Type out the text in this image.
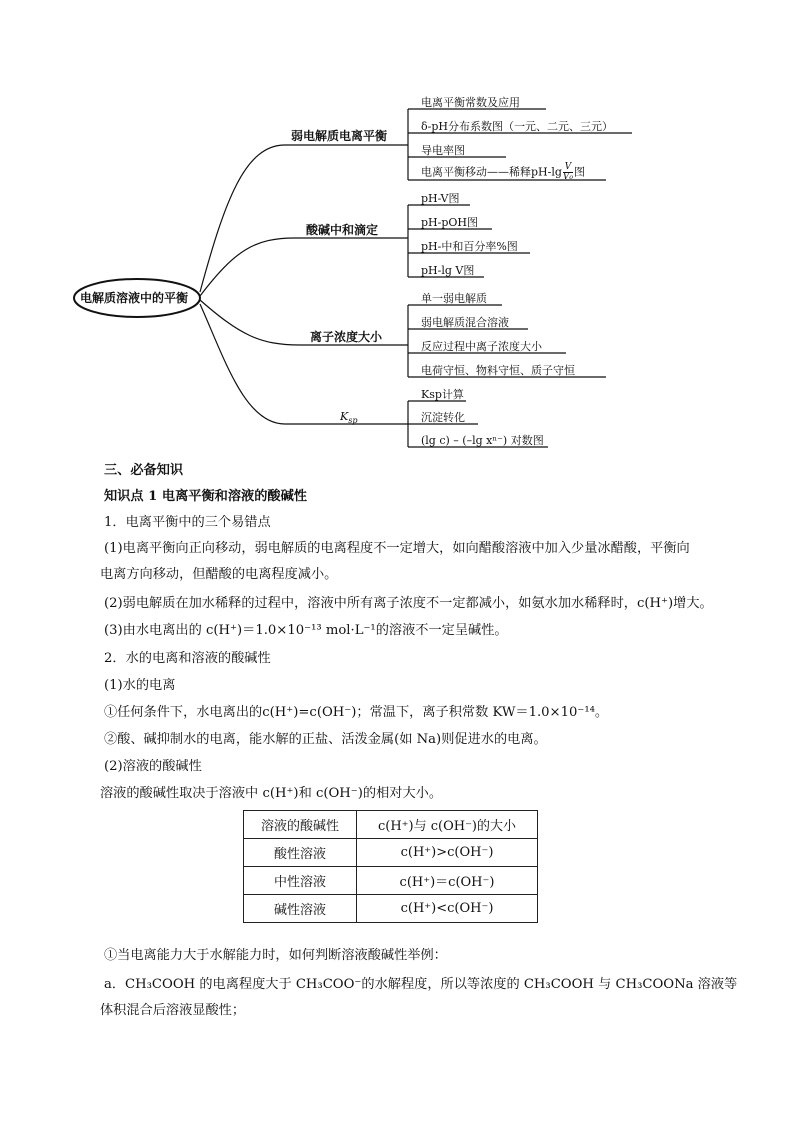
电解质溶液中的平衡
弱电解质电离平衡
酸碱中和滴定
离子浓度大小
$K_{sp}$
电离平衡常数及应用
δ-pH分布系数图（一元、二元、三元）
导电率图
电离平衡移动——稀释$pH-\lg \frac{V}{\text{V₀}}$ 图
pH-V图
pH-pOH图
pH-中和百分率%图
pH-lg V图
单一弱电解质
弱电解质混合溶液
反应过程中离子浓度大小
电荷守恒、物料守恒、质子守恒
Ksp计算
沉淀转化
(lg c) – (–lg xⁿ⁻) 对数图
三、必备知识
知识点 1 电离平衡和溶液的酸碱性
1．电离平衡中的三个易错点
(1)电离平衡向正向移动，弱电解质的电离程度不一定增大，如向醋酸溶液中加入少量冰醋酸，平衡向
电离方向移动，但醋酸的电离程度减小。
(2)弱电解质在加水稀释的过程中，溶液中所有离子浓度不一定都减小，如氨水加水稀释时，c(H⁺)增大。
(3)由水电离出的 c(H⁺)＝1.0×10⁻¹³ mol·L⁻¹的溶液不一定呈碱性。
2．水的电离和溶液的酸碱性
(1)水的电离
①任何条件下，水电离出的c(H⁺)=c(OH⁻)；常温下，离子积常数 KW＝1.0×10⁻¹⁴。
②酸、碱抑制水的电离，能水解的正盐、活泼金属(如 Na)则促进水的电离。
(2)溶液的酸碱性
溶液的酸碱性取决于溶液中 c(H⁺)和 c(OH⁻)的相对大小。
溶液的酸碱性	c(H⁺)与 c(OH⁻)的大小
酸性溶液	c(H⁺)>c(OH⁻)
中性溶液	c(H⁺)＝c(OH⁻)
碱性溶液	c(H⁺)<c(OH⁻)
①当电离能力大于水解能力时，如何判断溶液酸碱性举例：
a．CH₃COOH 的电离程度大于 CH₃COO⁻的水解程度，所以等浓度的 CH₃COOH 与 CH₃COONa 溶液等
体积混合后溶液显酸性；
